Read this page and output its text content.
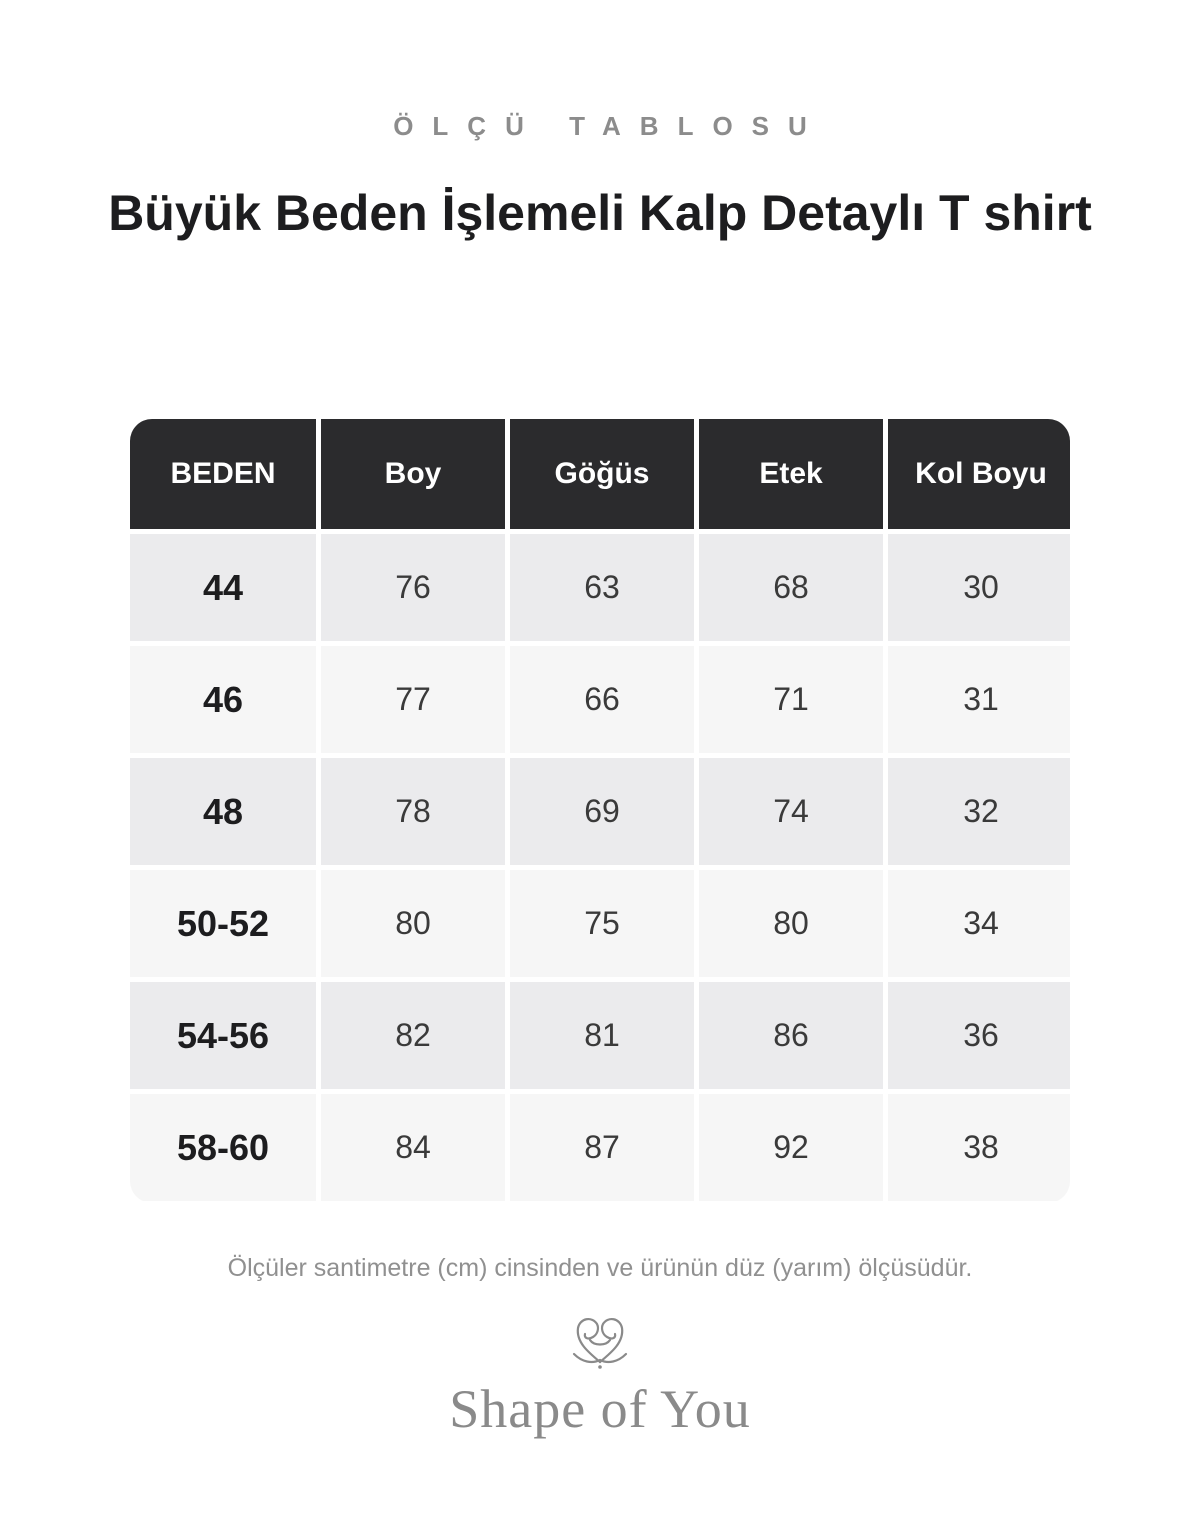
ÖLÇÜ TABLOSU
Büyük Beden İşlemeli Kalp Detaylı T shirt
BEDEN	Boy	Göğüs	Etek	Kol Boyu
44	76	63	68	30
46	77	66	71	31
48	78	69	74	32
50-52	80	75	80	34
54-56	82	81	86	36
58-60	84	87	92	38
Ölçüler santimetre (cm) cinsinden ve ürünün düz (yarım) ölçüsüdür.
Shape of You
